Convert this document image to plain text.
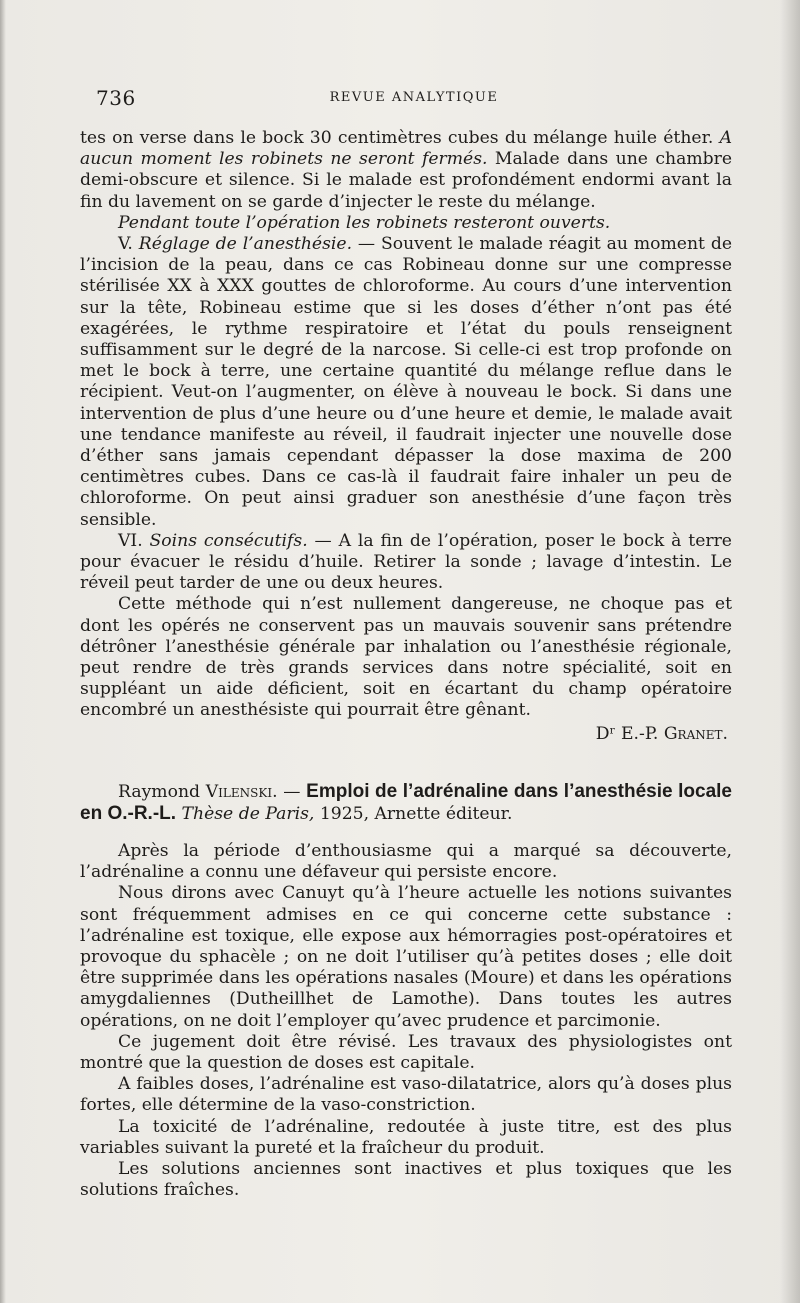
736	REVUE ANALYTIQUE

tes on verse dans le bock 30 centimètres cubes du mélange huile éther. A aucun moment les robinets ne seront fermés. Malade dans une chambre demi-obscure et silence. Si le malade est profondément endormi avant la fin du lavement on se garde d’injecter le reste du mélange.

Pendant toute l’opération les robinets resteront ouverts.

V. Réglage de l’anesthésie. — Souvent le malade réagit au moment de l’incision de la peau, dans ce cas Robineau donne sur une compresse stérilisée XX à XXX gouttes de chloroforme. Au cours d’une intervention sur la tête, Robineau estime que si les doses d’éther n’ont pas été exagérées, le rythme respiratoire et l’état du pouls renseignent suffisamment sur le degré de la narcose. Si celle-ci est trop profonde on met le bock à terre, une certaine quantité du mélange reflue dans le récipient. Veut-on l’augmenter, on élève à nouveau le bock. Si dans une intervention de plus d’une heure ou d’une heure et demie, le malade avait une tendance manifeste au réveil, il faudrait injecter une nouvelle dose d’éther sans jamais cependant dépasser la dose maxima de 200 centimètres cubes. Dans ce cas-là il faudrait faire inhaler un peu de chloroforme. On peut ainsi graduer son anesthésie d’une façon très sensible.

VI. Soins consécutifs. — A la fin de l’opération, poser le bock à terre pour évacuer le résidu d’huile. Retirer la sonde ; lavage d’intestin. Le réveil peut tarder de une ou deux heures.

Cette méthode qui n’est nullement dangereuse, ne choque pas et dont les opérés ne conservent pas un mauvais souvenir sans prétendre détrôner l’anesthésie générale par inhalation ou l’anesthésie régionale, peut rendre de très grands services dans notre spécialité, soit en suppléant un aide déficient, soit en écartant du champ opératoire encombré un anesthésiste qui pourrait être gênant.

Dʳ E.-P. Granet.

Raymond Vilenski. — Emploi de l’adrénaline dans l’anesthésie locale en O.-R.-L. Thèse de Paris, 1925, Arnette éditeur.

Après la période d’enthousiasme qui a marqué sa découverte, l’adrénaline a connu une défaveur qui persiste encore.

Nous dirons avec Canuyt qu’à l’heure actuelle les notions suivantes sont fréquemment admises en ce qui concerne cette substance : l’adrénaline est toxique, elle expose aux hémorragies post-opératoires et provoque du sphacèle ; on ne doit l’utiliser qu’à petites doses ; elle doit être supprimée dans les opérations nasales (Moure) et dans les opérations amygdaliennes (Dutheillhet de Lamothe). Dans toutes les autres opérations, on ne doit l’employer qu’avec prudence et parcimonie.

Ce jugement doit être révisé. Les travaux des physiologistes ont montré que la question de doses est capitale.

A faibles doses, l’adrénaline est vaso-dilatatrice, alors qu’à doses plus fortes, elle détermine de la vaso-constriction.

La toxicité de l’adrénaline, redoutée à juste titre, est des plus variables suivant la pureté et la fraîcheur du produit.

Les solutions anciennes sont inactives et plus toxiques que les solutions fraîches.
